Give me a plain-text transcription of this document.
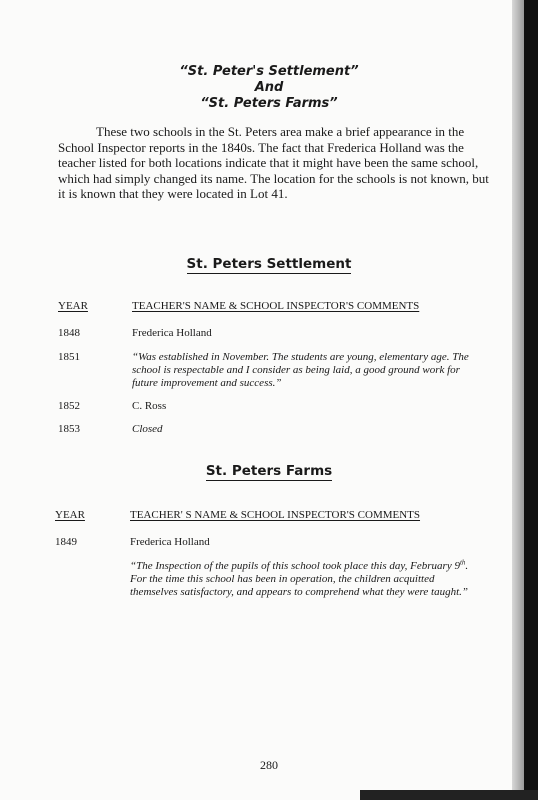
“St. Peter's Settlement”
And
“St. Peters Farms”

These two schools in the St. Peters area make a brief appearance in the School Inspector reports in the 1840s. The fact that Frederica Holland was the teacher listed for both locations indicate that it might have been the same school, which had simply changed its name. The location for the schools is not known, but it is known that they were located in Lot 41.

St. Peters Settlement

YEAR	TEACHER'S NAME & SCHOOL INSPECTOR'S COMMENTS

1848	Frederica Holland

1851	“Was established in November. The students are young, elementary age. The school is respectable and I consider as being laid, a good ground work for future improvement and success.”

1852	C. Ross

1853	Closed

St. Peters Farms

YEAR	TEACHER' S NAME & SCHOOL INSPECTOR'S COMMENTS

1849	Frederica Holland

“The Inspection of the pupils of this school took place this day, February 9th. For the time this school has been in operation, the children acquitted themselves satisfactory, and appears to comprehend what they were taught.”

280
